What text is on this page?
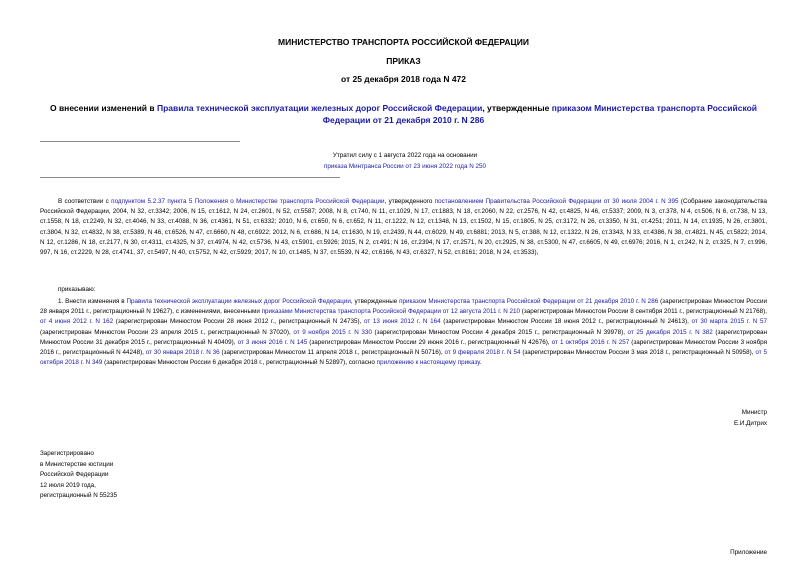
МИНИСТЕРСТВО ТРАНСПОРТА РОССИЙСКОЙ ФЕДЕРАЦИИ
ПРИКАЗ
от 25 декабря 2018 года N 472
О внесении изменений в Правила технической эксплуатации железных дорог Российской Федерации, утвержденные приказом Министерства транспорта Российской Федерации от 21 декабря 2010 г. N 286
Утратил силу с 1 августа 2022 года на основании
приказа Минтранса России от 23 июня 2022 года N 250

В соответствии с подпунктом 5.2.37 пункта 5 Положения о Министерстве транспорта Российской Федерации, утвержденного постановлением Правительства Российской Федерации от 30 июля 2004 г. N 395 (Собрание законодательства Российской Федерации, 2004, N 32, ст.3342; 2006, N 15, ст.1612, N 24, ст.2601, N 52, ст.5587; 2008, N 8, ст.740, N 11, ст.1029, N 17, ст.1883, N 18, ст.2060, N 22, ст.2576, N 42, ст.4825, N 46, ст.5337; 2009, N 3, ст.378, N 4, ст.506, N 6, ст.738, N 13, ст.1558, N 18, ст.2249, N 32, ст.4046, N 33, ст.4088, N 36, ст.4361, N 51, ст.6332; 2010, N 6, ст.650, N 6, ст.652, N 11, ст.1222, N 12, ст.1348, N 13, ст.1502, N 15, ст.1805, N 25, ст.3172, N 26, ст.3350, N 31, ст.4251; 2011, N 14, ст.1935, N 26, ст.3801, ст.3804, N 32, ст.4832, N 38, ст.5389, N 46, ст.6526, N 47, ст.6660, N 48, ст.6922; 2012, N 6, ст.686, N 14, ст.1630, N 19, ст.2439, N 44, ст.6029, N 49, ст.6881; 2013, N 5, ст.388, N 12, ст.1322, N 26, ст.3343, N 33, ст.4386, N 38, ст.4821, N 45, ст.5822; 2014, N 12, ст.1286, N 18, ст.2177, N 30, ст.4311, ст.4325, N 37, ст.4974, N 42, ст.5736, N 43, ст.5901, ст.5926; 2015, N 2, ст.491; N 16, ст.2394, N 17, ст.2571, N 20, ст.2925, N 38, ст.5300, N 47, ст.6605, N 49, ст.6976; 2016, N 1, ст.242, N 2, ст.325, N 7, ст.996, 997, N 16, ст.2229, N 28, ст.4741, 37, ст.5497, N 40, ст.5752, N 42, ст.5929; 2017, N 10, ст.1485, N 37, ст.5539, N 42, ст.6166, N 43, ст.6327, N 52, ст.8161; 2018, N 24, ст.3533),

приказываю:

1. Внести изменения в Правила технической эксплуатации железных дорог Российской Федерации, утвержденные приказом Министерства транспорта Российской Федерации от 21 декабря 2010 г. N 286 (зарегистрирован Минюстом России 28 января 2011 г., регистрационный N 19627), с изменениями, внесенными приказами Министерства транспорта Российской Федерации от 12 августа 2011 г. N 210 (зарегистрирован Минюстом России 8 сентября 2011 г., регистрационный N 21768), от 4 июня 2012 г. N 162 (зарегистрирован Минюстом России 28 июня 2012 г., регистрационный N 24735), от 13 июня 2012 г. N 164 (зарегистрирован Минюстом России 18 июня 2012 г., регистрационный N 24613), от 30 марта 2015 г. N 57 (зарегистрирован Минюстом России 23 апреля 2015 г., регистрационный N 37020), от 9 ноября 2015 г. N 330 (зарегистрирован Минюстом России 4 декабря 2015 г., регистрационный N 39978), от 25 декабря 2015 г. N 382 (зарегистрирован Минюстом России 31 декабря 2015 г., регистрационный N 40409), от 3 июня 2016 г. N 145 (зарегистрирован Минюстом России 29 июня 2016 г., регистрационный N 42676), от 1 октября 2016 г. N 257 (зарегистрирован Минюстом России 3 ноября 2016 г., регистрационный N 44248), от 30 января 2018 г. N 36 (зарегистрирован Минюстом 11 апреля 2018 г., регистрационный N 50716), от 9 февраля 2018 г. N 54 (зарегистрирован Минюстом России 3 мая 2018 г., регистрационный N 50958), от 5 октября 2018 г. N 349 (зарегистрирован Минюстом России 6 декабря 2018 г., регистрационный N 52897), согласно приложению к настоящему приказу.

Министр
Е.И.Дитрих
Зарегистрировано
в Министерстве юстиции
Российской Федерации
12 июля 2019 года,
регистрационный N 55235
Приложение
